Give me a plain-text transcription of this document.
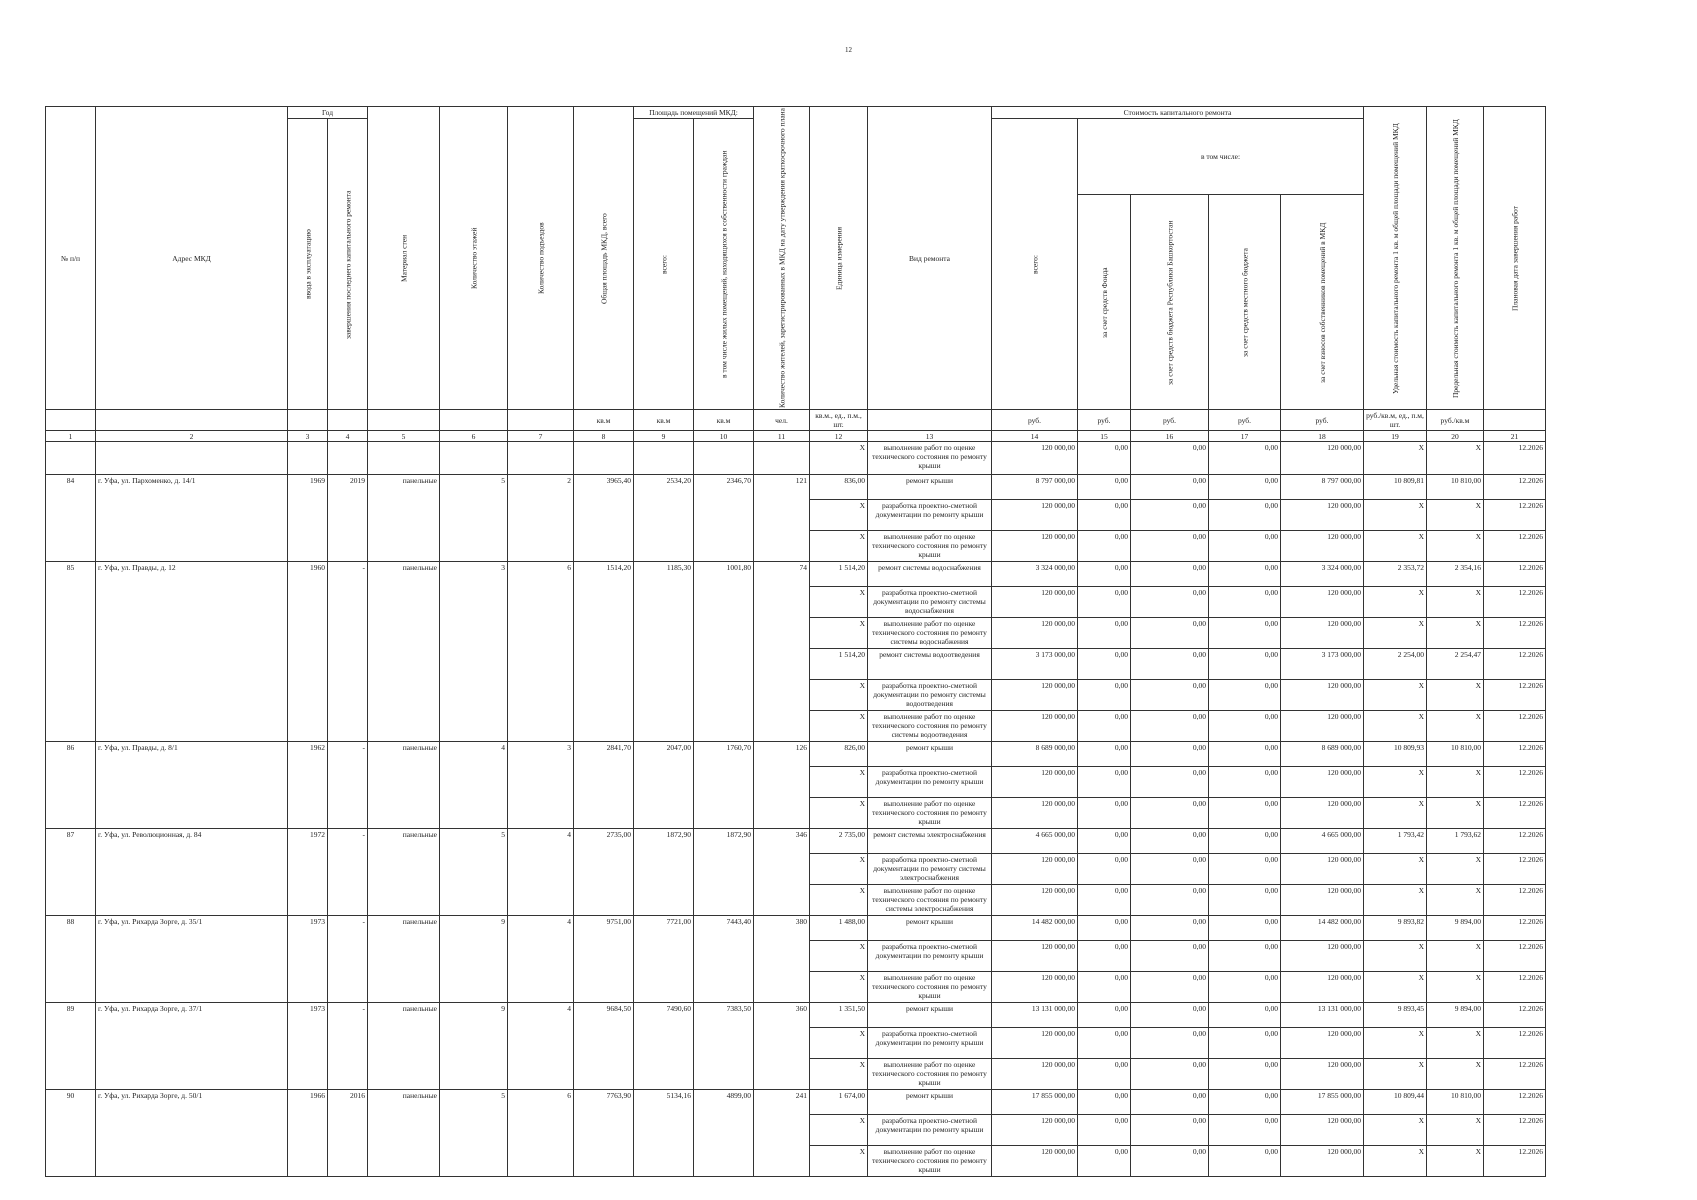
12
№ п/п	Адрес МКД	Год		Материал стен	Количество этажей	Количество подъездов	Общая площадь МКД, всего	Площадь помещений МКД:		Количество жителей, зарегистрированных в МКД на дату утверждения краткосрочного плана	Единица измерения	Вид ремонта	Стоимость капитального ремонта					Удельная стоимость капитального ремонта 1 кв. м общей площади помещений МКД	Предельная стоимость капитального ремонта 1 кв. м общей площади помещений МКД	Плановая дата завершения работ
		ввода в эксплуатацию	завершения последнего капитального ремонта					всего:	в том числе жилых помещений, находящихся в собственности граждан				всего:	в том числе:						
														за счет средств Фонда	за счет средств бюджета Республики Башкортостан	за счет средств местного бюджета	за счет взносов собственников помещений в МКД			
							кв.м	кв.м	кв.м	чел.	кв.м., ед., п.м., шт.		руб.	руб.	руб.	руб.	руб.	руб./кв.м, ед., п.м, шт.	руб./кв.м	
1	2	3	4	5	6	7	8	9	10	11	12	13	14	15	16	17	18	19	20	21
											X	выполнение работ по оценке технического состояния по ремонту крыши	120 000,00	0,00	0,00	0,00	120 000,00	X	X	12.2026
84	г. Уфа, ул. Пархоменко, д. 14/1	1969	2019	панельные	5	2	3965,40	2534,20	2346,70	121	836,00	ремонт крыши	8 797 000,00	0,00	0,00	0,00	8 797 000,00	10 809,81	10 810,00	12.2026
											X	разработка проектно-сметной документации по ремонту крыши	120 000,00	0,00	0,00	0,00	120 000,00	X	X	12.2026
											X	выполнение работ по оценке технического состояния по ремонту крыши	120 000,00	0,00	0,00	0,00	120 000,00	X	X	12.2026
85	г. Уфа, ул. Правды, д. 12	1960	-	панельные	3	6	1514,20	1185,30	1001,80	74	1 514,20	ремонт системы водоснабжения	3 324 000,00	0,00	0,00	0,00	3 324 000,00	2 353,72	2 354,16	12.2026
											X	разработка проектно-сметной документации по ремонту системы водоснабжения	120 000,00	0,00	0,00	0,00	120 000,00	X	X	12.2026
											X	выполнение работ по оценке технического состояния по ремонту системы водоснабжения	120 000,00	0,00	0,00	0,00	120 000,00	X	X	12.2026
											1 514,20	ремонт системы водоотведения	3 173 000,00	0,00	0,00	0,00	3 173 000,00	2 254,00	2 254,47	12.2026
											X	разработка проектно-сметной документации по ремонту системы водоотведения	120 000,00	0,00	0,00	0,00	120 000,00	X	X	12.2026
											X	выполнение работ по оценке технического состояния по ремонту системы водоотведения	120 000,00	0,00	0,00	0,00	120 000,00	X	X	12.2026
86	г. Уфа, ул. Правды, д. 8/1	1962	-	панельные	4	3	2841,70	2047,00	1760,70	126	826,00	ремонт крыши	8 689 000,00	0,00	0,00	0,00	8 689 000,00	10 809,93	10 810,00	12.2026
											X	разработка проектно-сметной документации по ремонту крыши	120 000,00	0,00	0,00	0,00	120 000,00	X	X	12.2026
											X	выполнение работ по оценке технического состояния по ремонту крыши	120 000,00	0,00	0,00	0,00	120 000,00	X	X	12.2026
87	г. Уфа, ул. Революционная, д. 84	1972	-	панельные	5	4	2735,00	1872,90	1872,90	346	2 735,00	ремонт системы электроснабжения	4 665 000,00	0,00	0,00	0,00	4 665 000,00	1 793,42	1 793,62	12.2026
											X	разработка проектно-сметной документации по ремонту системы электроснабжения	120 000,00	0,00	0,00	0,00	120 000,00	X	X	12.2026
											X	выполнение работ по оценке технического состояния по ремонту системы электроснабжения	120 000,00	0,00	0,00	0,00	120 000,00	X	X	12.2026
88	г. Уфа, ул. Рихарда Зорге, д. 35/1	1973	-	панельные	9	4	9751,00	7721,00	7443,40	380	1 488,00	ремонт крыши	14 482 000,00	0,00	0,00	0,00	14 482 000,00	9 893,82	9 894,00	12.2026
											X	разработка проектно-сметной документации по ремонту крыши	120 000,00	0,00	0,00	0,00	120 000,00	X	X	12.2026
											X	выполнение работ по оценке технического состояния по ремонту крыши	120 000,00	0,00	0,00	0,00	120 000,00	X	X	12.2026
89	г. Уфа, ул. Рихарда Зорге, д. 37/1	1973	-	панельные	9	4	9684,50	7490,60	7383,50	360	1 351,50	ремонт крыши	13 131 000,00	0,00	0,00	0,00	13 131 000,00	9 893,45	9 894,00	12.2026
											X	разработка проектно-сметной документации по ремонту крыши	120 000,00	0,00	0,00	0,00	120 000,00	X	X	12.2026
											X	выполнение работ по оценке технического состояния по ремонту крыши	120 000,00	0,00	0,00	0,00	120 000,00	X	X	12.2026
90	г. Уфа, ул. Рихарда Зорге, д. 50/1	1966	2016	панельные	5	6	7763,90	5134,16	4899,00	241	1 674,00	ремонт крыши	17 855 000,00	0,00	0,00	0,00	17 855 000,00	10 809,44	10 810,00	12.2026
											X	разработка проектно-сметной документации по ремонту крыши	120 000,00	0,00	0,00	0,00	120 000,00	X	X	12.2026
											X	выполнение работ по оценке технического состояния по ремонту крыши	120 000,00	0,00	0,00	0,00	120 000,00	X	X	12.2026
